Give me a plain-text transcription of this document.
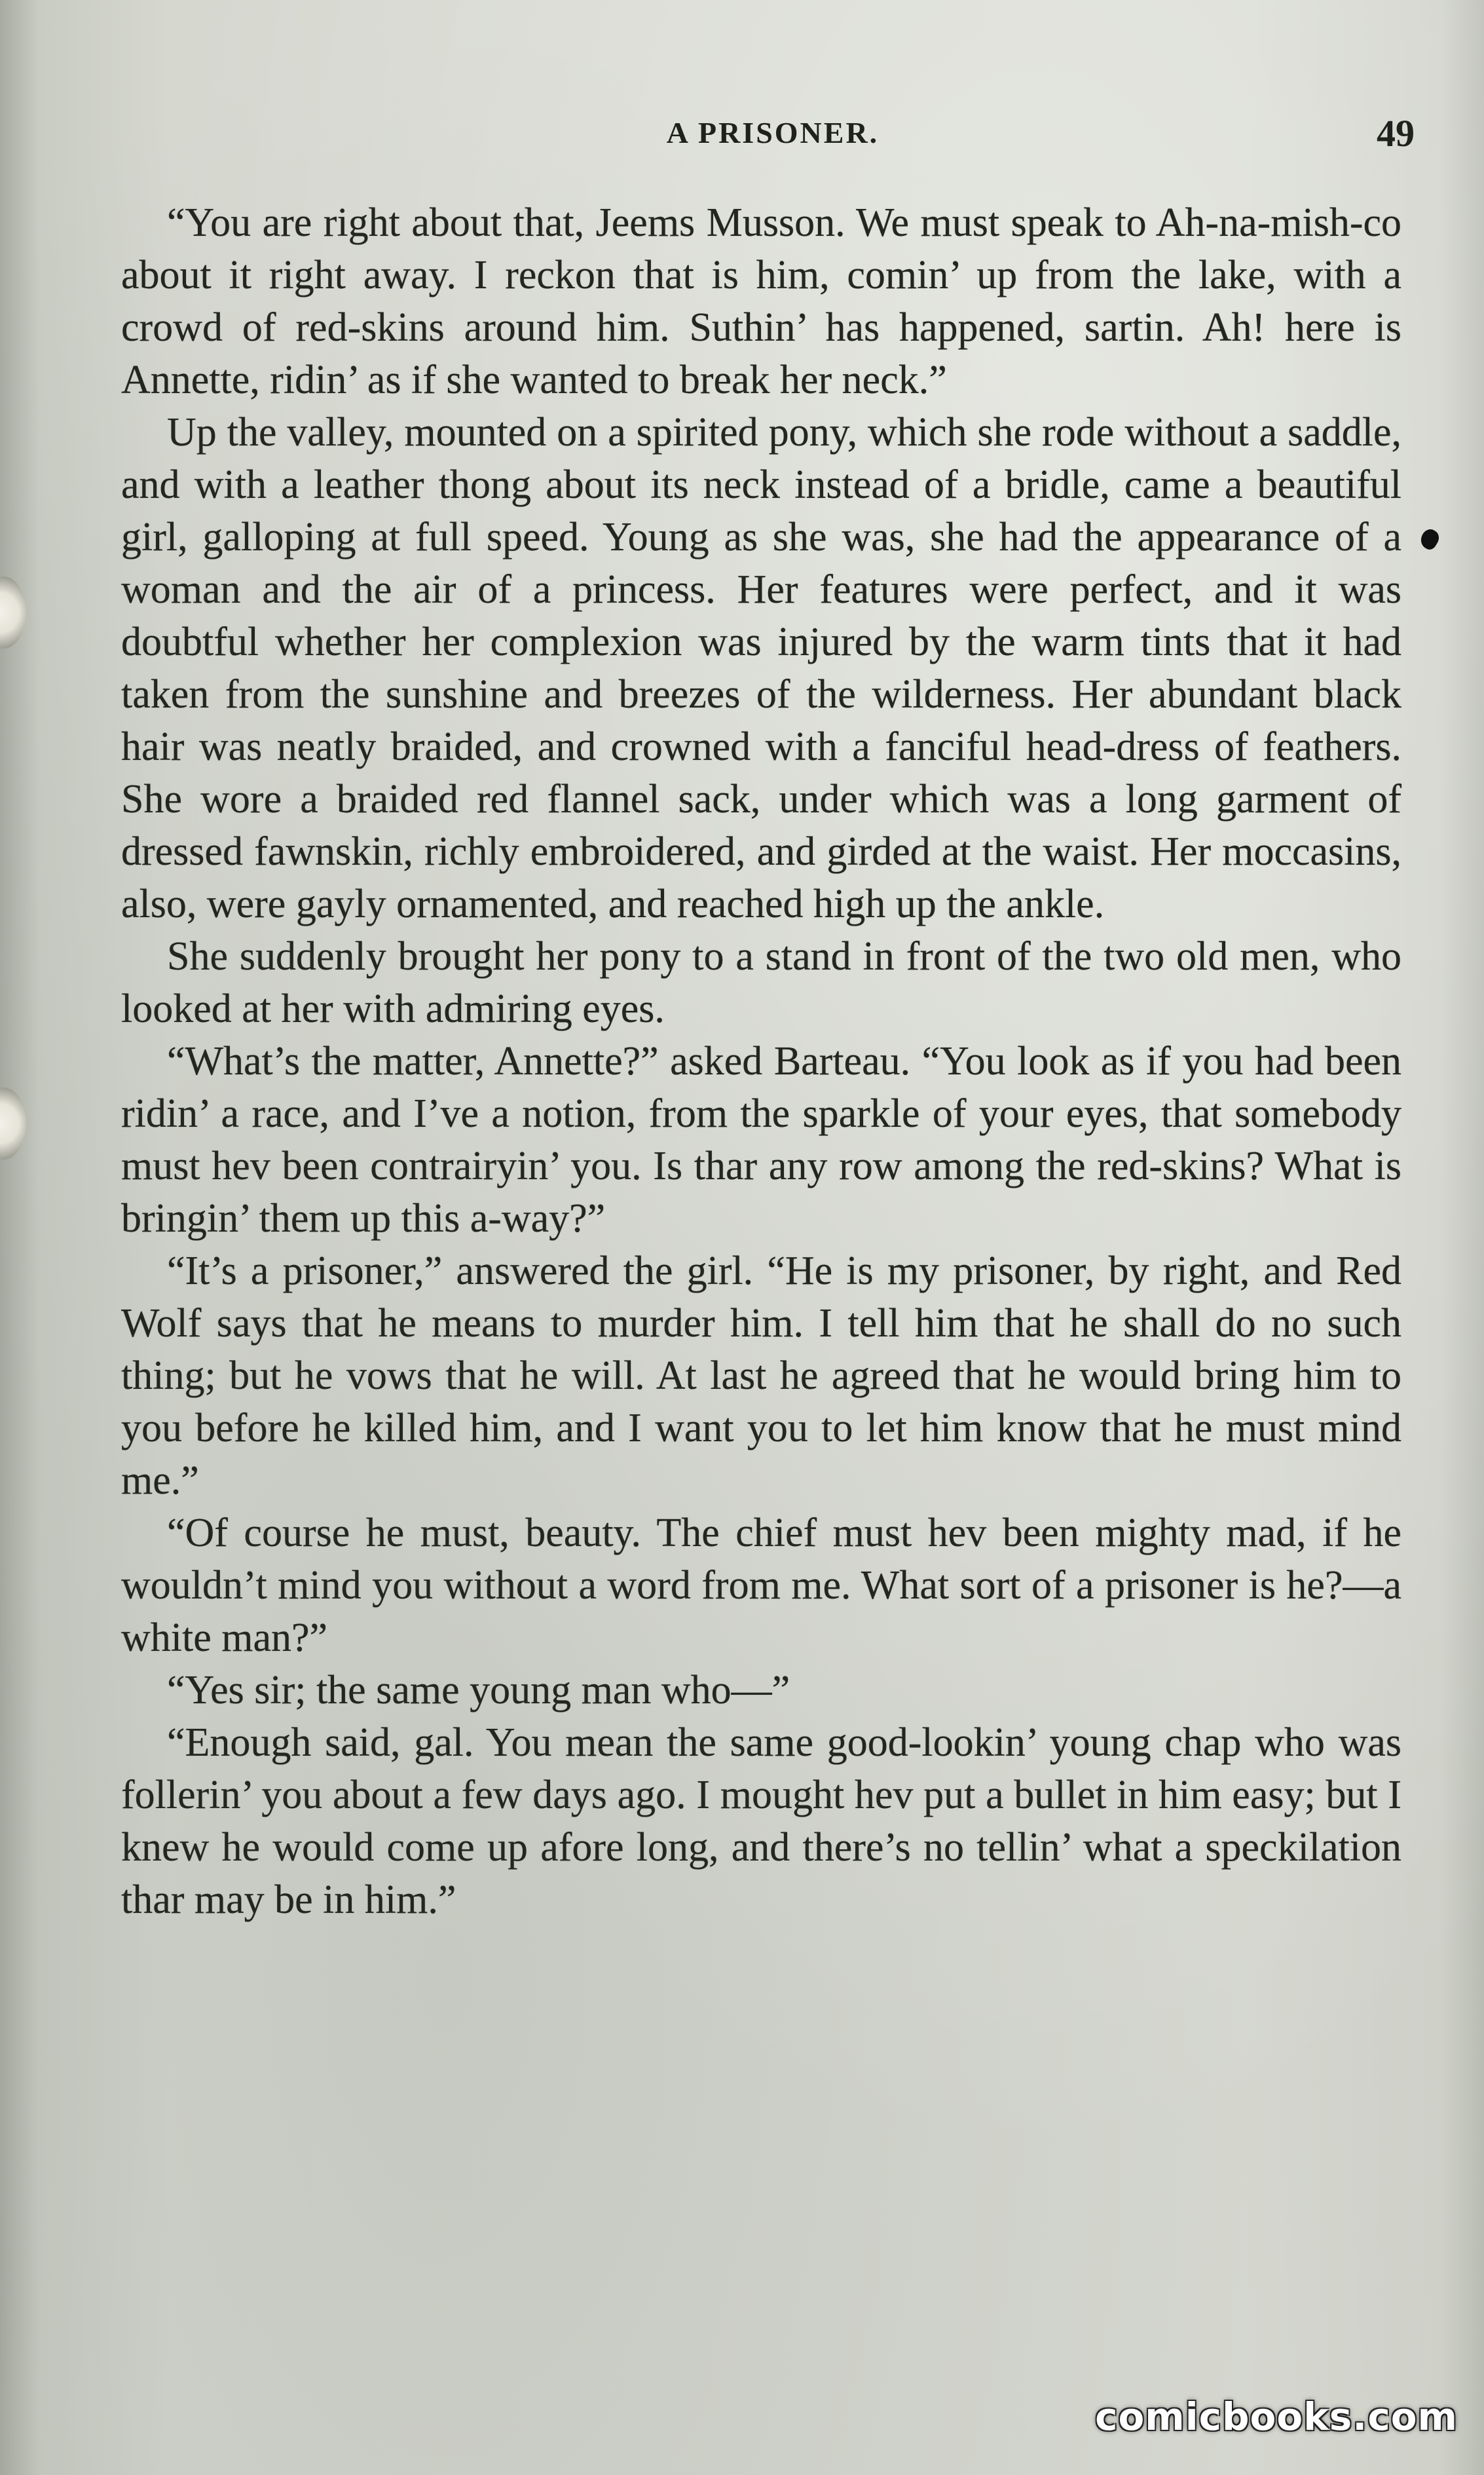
A PRISONER.	49

“You are right about that, Jeems Musson. We must speak to Ah-na-mish-co about it right away. I reckon that is him, comin’ up from the lake, with a crowd of red-skins around him. Suthin’ has happened, sartin. Ah! here is Annette, ridin’ as if she wanted to break her neck.”

Up the valley, mounted on a spirited pony, which she rode without a saddle, and with a leather thong about its neck instead of a bridle, came a beautiful girl, galloping at full speed. Young as she was, she had the appearance of a woman and the air of a princess. Her features were perfect, and it was doubtful whether her complexion was injured by the warm tints that it had taken from the sunshine and breezes of the wilderness. Her abundant black hair was neatly braided, and crowned with a fanciful head-dress of feathers. She wore a braided red flannel sack, under which was a long garment of dressed fawnskin, richly embroidered, and girded at the waist. Her moccasins, also, were gayly ornamented, and reached high up the ankle.

She suddenly brought her pony to a stand in front of the two old men, who looked at her with admiring eyes.

“What’s the matter, Annette?” asked Barteau. “You look as if you had been ridin’ a race, and I’ve a notion, from the sparkle of your eyes, that somebody must hev been contrairyin’ you. Is thar any row among the red-skins? What is bringin’ them up this a-way?”

“It’s a prisoner,” answered the girl. “He is my prisoner, by right, and Red Wolf says that he means to murder him. I tell him that he shall do no such thing; but he vows that he will. At last he agreed that he would bring him to you before he killed him, and I want you to let him know that he must mind me.”

“Of course he must, beauty. The chief must hev been mighty mad, if he wouldn’t mind you without a word from me. What sort of a prisoner is he?—a white man?”

“Yes sir; the same young man who—”

“Enough said, gal. You mean the same good-lookin’ young chap who was follerin’ you about a few days ago. I mought hev put a bullet in him easy; but I knew he would come up afore long, and there’s no tellin’ what a speckilation thar may be in him.”

comicbooks.com
